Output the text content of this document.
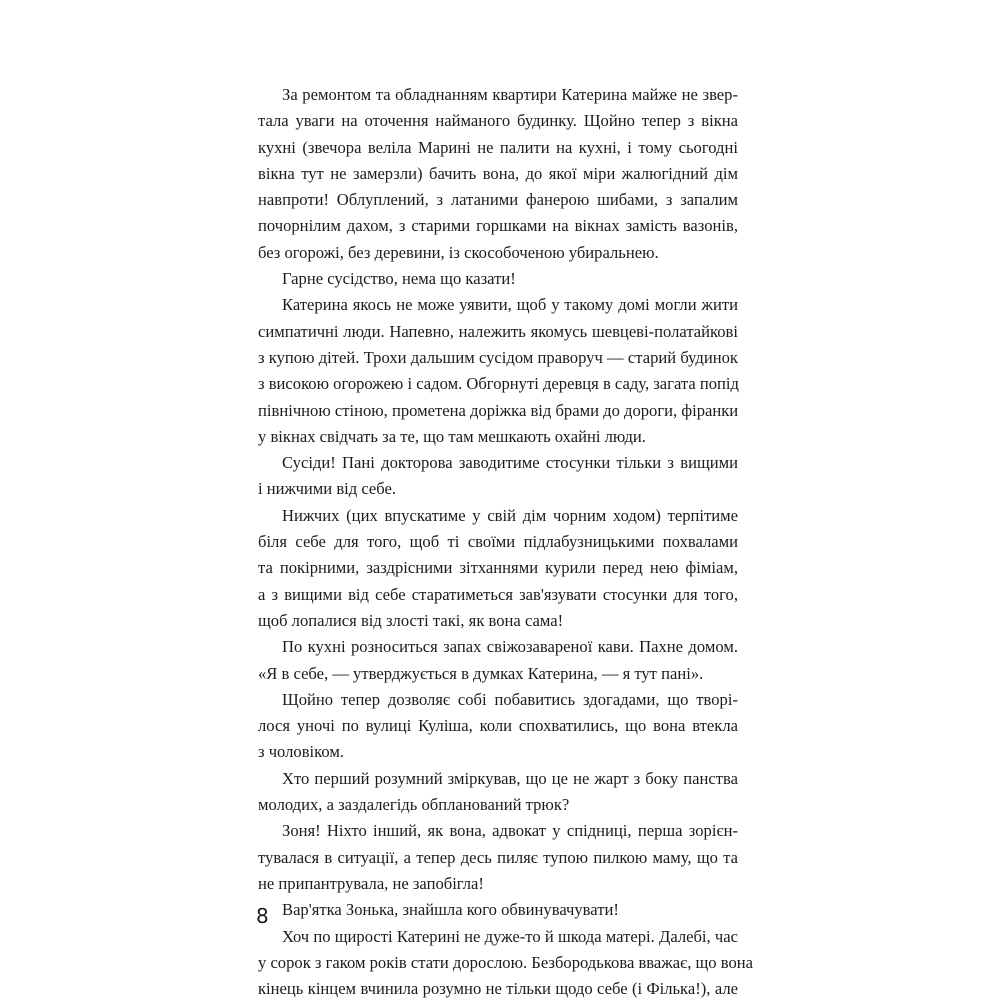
За ремонтом та обладнанням квартири Катерина майже не звер-
тала уваги на оточення найманого будинку. Щойно тепер з вікна
кухні (звечора веліла Марині не палити на кухні, і тому сьогодні
вікна тут не замерзли) бачить вона, до якої міри жалюгідний дім
навпроти! Облуплений, з латаними фанерою шибами, з запалим
почорнілим дахом, з старими горшками на вікнах замість вазонів,
без огорожі, без деревини, із скособоченою убиральнею.
Гарне сусідство, нема що казати!
Катерина якось не може уявити, щоб у такому домі могли жити
симпатичні люди. Напевно, належить якомусь шевцеві-полатайкові
з купою дітей. Трохи дальшим сусідом праворуч — старий будинок
з високою огорожею і садом. Обгорнуті деревця в саду, загата попід
північною стіною, прометена доріжка від брами до дороги, фіранки
у вікнах свідчать за те, що там мешкають охайні люди.
Сусіди! Пані докторова заводитиме стосунки тільки з вищими
і нижчими від себе.
Нижчих (цих впускатиме у свій дім чорним ходом) терпітиме
біля себе для того, щоб ті своїми підлабузницькими похвалами
та покірними, заздрісними зітханнями курили перед нею фіміам,
а з вищими від себе старатиметься зав'язувати стосунки для того,
щоб лопалися від злості такі, як вона сама!
По кухні розноситься запах свіжозавареної кави. Пахне домом.
«Я в себе, — утверджується в думках Катерина, — я тут пані».
Щойно тепер дозволяє собі побавитись здогадами, що творі-
лося уночі по вулиці Куліша, коли спохватились, що вона втекла
з чоловіком.
Хто перший розумний зміркував, що це не жарт з боку панства
молодих, а заздалегідь обпланований трюк?
Зоня! Ніхто інший, як вона, адвокат у спідниці, перша зорієн-
тувалася в ситуації, а тепер десь пиляє тупою пилкою маму, що та
не припантрувала, не запобігла!
Вар'ятка Зонька, знайшла кого обвинувачувати!
Хоч по щирості Катерині не дуже-то й шкода матері. Далебі, час
у сорок з гаком років стати дорослою. Безбородькова вважає, що вона
кінець кінцем вчинила розумно не тільки щодо себе (і Філька!), але
8
